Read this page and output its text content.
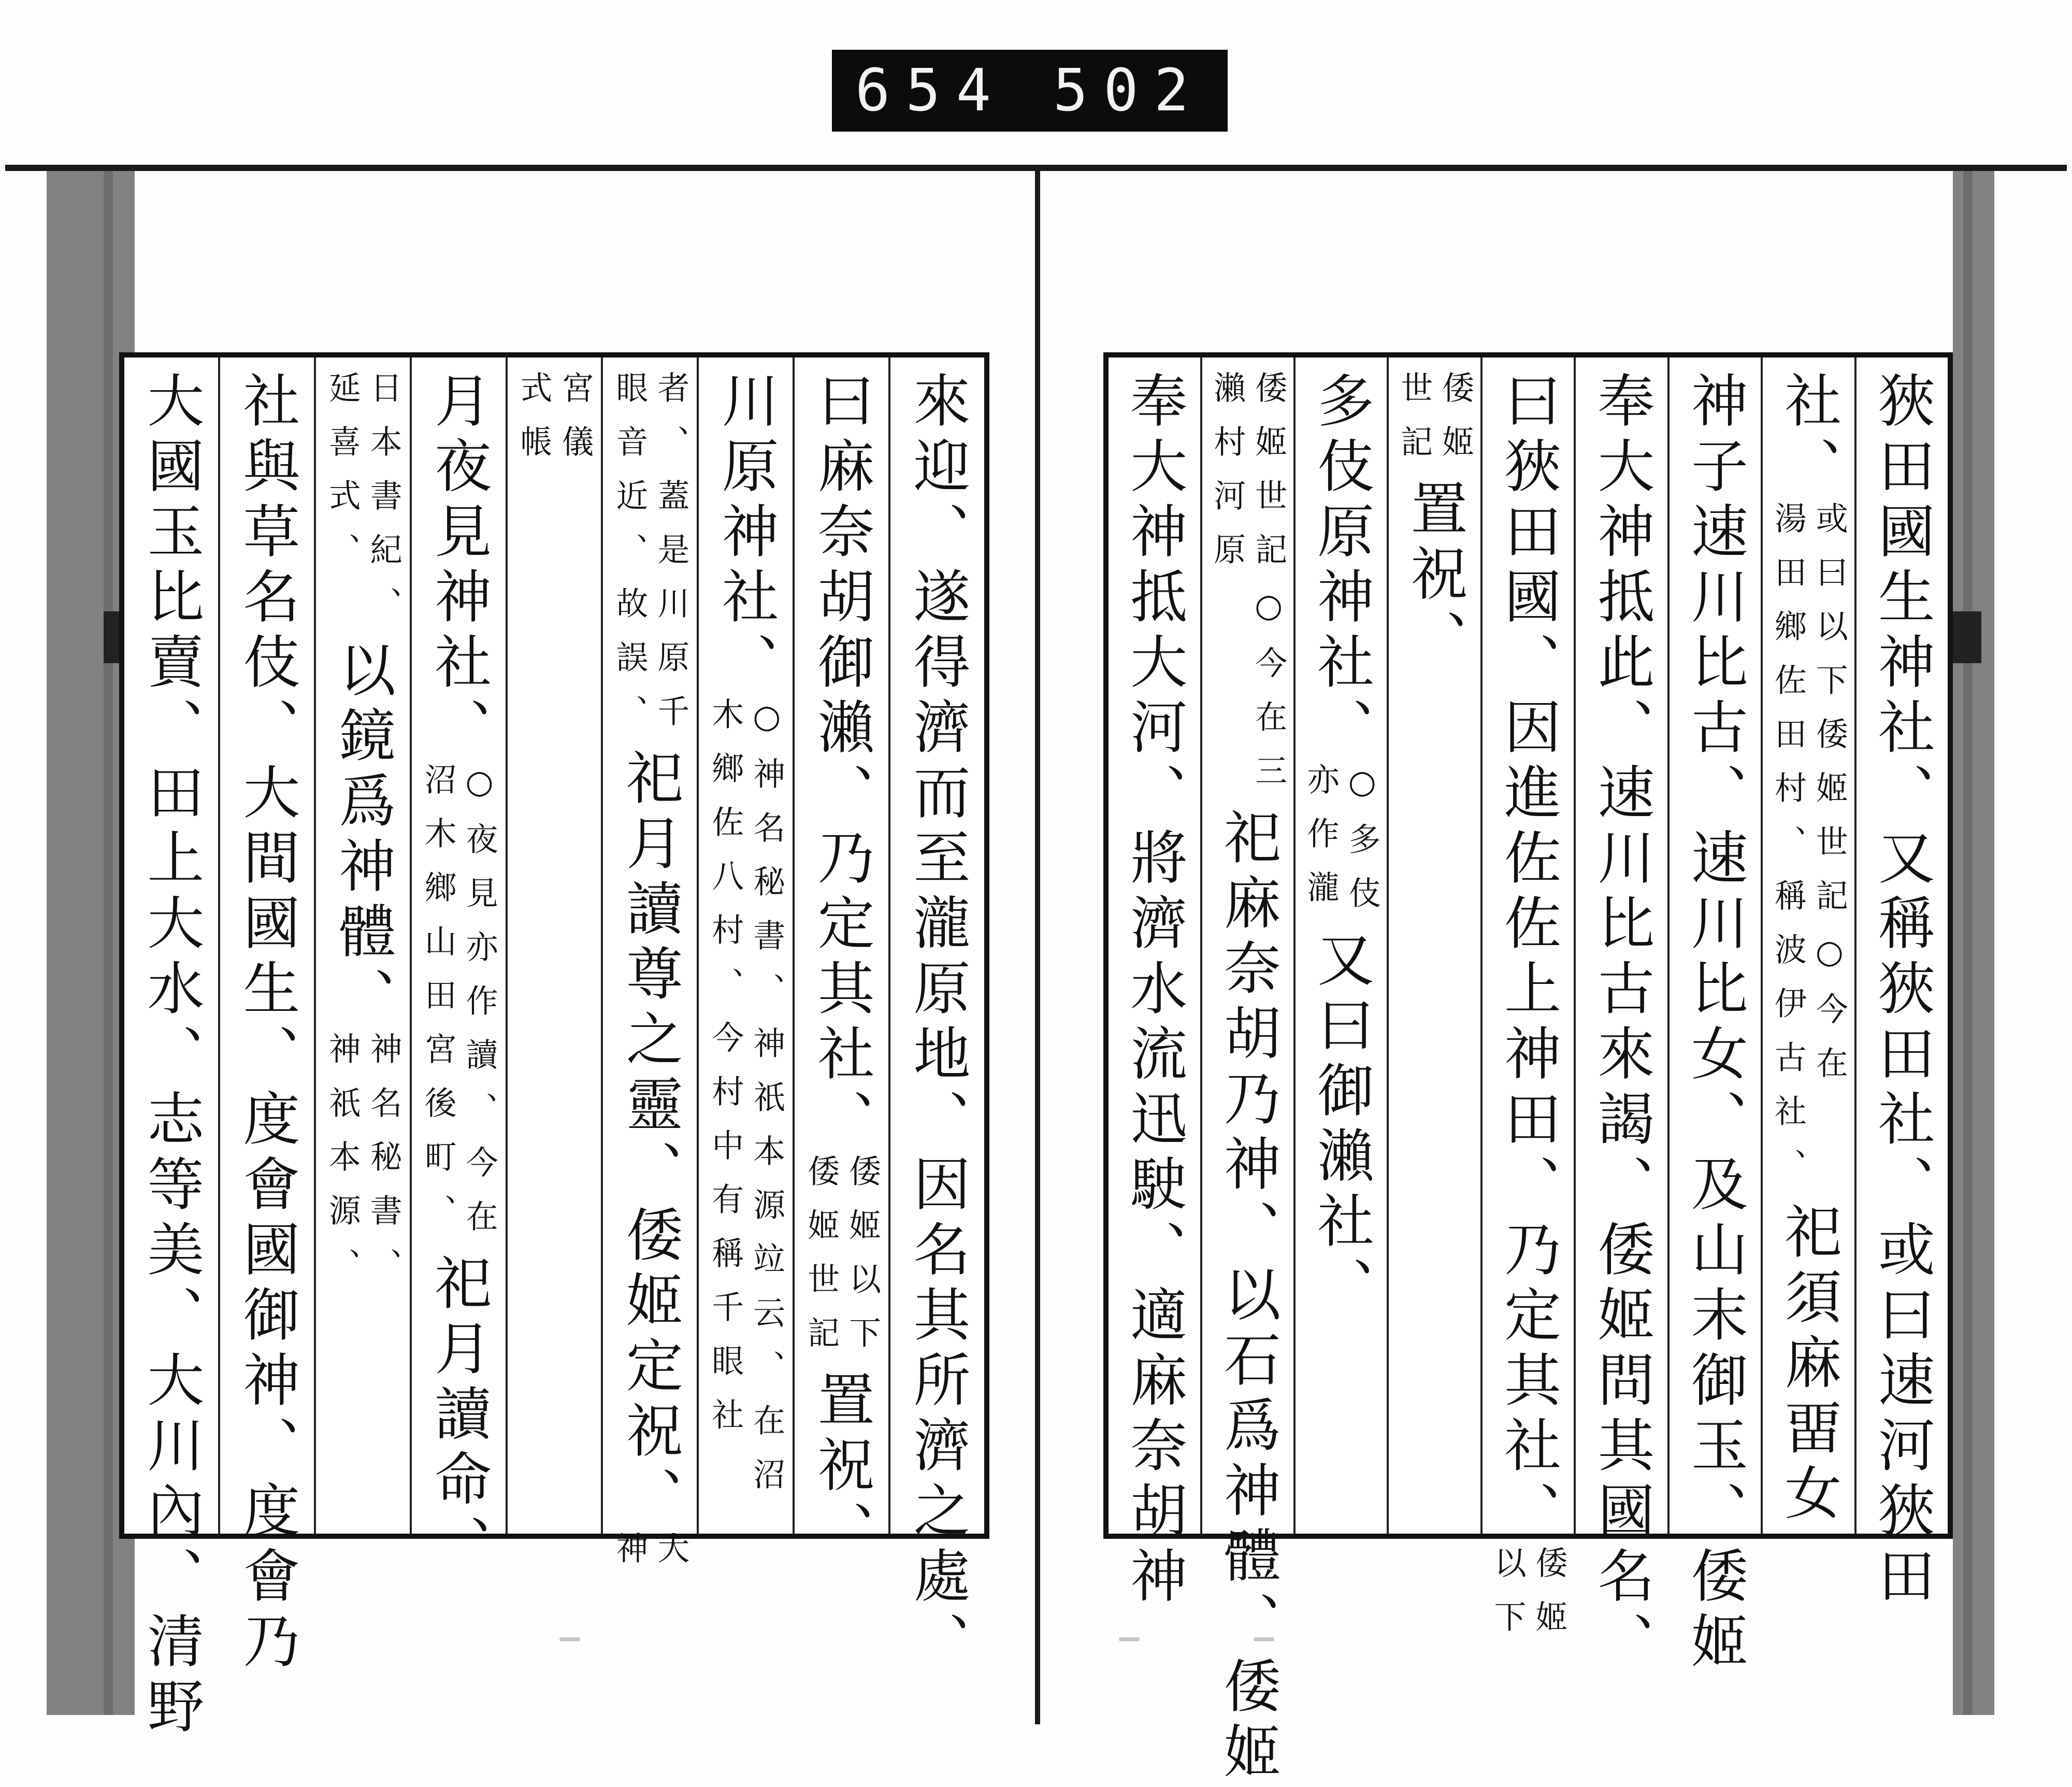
654 502
狹田國生神社、又稱狹田社、或曰速河狹田
社、
或曰以下倭姬世記○今在
湯田鄉佐田村、稱波伊古社、
祀須麻畱女
神子速川比古、速川比女、及山末御玉、倭姬
奉大神抵此、速川比古來謁、倭姬問其國名、
曰狹田國、因進佐佐上神田、乃定其社、
倭姬
以下
倭姬
世記
置祝、
多伎原神社、
○多伎
亦作瀧
又曰御瀨社、
倭姬世記○今在三
瀨村河原
祀麻奈胡乃神、以石爲神體、倭姬
奉大神抵大河、將濟水流迅駛、適麻奈胡神
來迎、遂得濟而至瀧原地、因名其所濟之處、
曰麻奈胡御瀨、乃定其社、
倭姬以下
倭姬世記
置祝、
川原神社、
○神名秘書、神祇本源竝云、在沼
木鄉佐八村、今村中有稱千眼社
者、蓋是川原千
眼音近、故誤、
祀月讀尊之靈、倭姬定祝、
大
神
宮儀
式帳
月夜見神社、
○夜見亦作讀、今在
沼木鄉山田宮後町、
祀月讀命、
日本書紀、
延喜式、
以鏡爲神體、
神名秘書、
神祇本源、
社與草名伎、大間國生、度會國御神、度會乃
大國玉比賣、田上大水、志等美、大川內、清野
